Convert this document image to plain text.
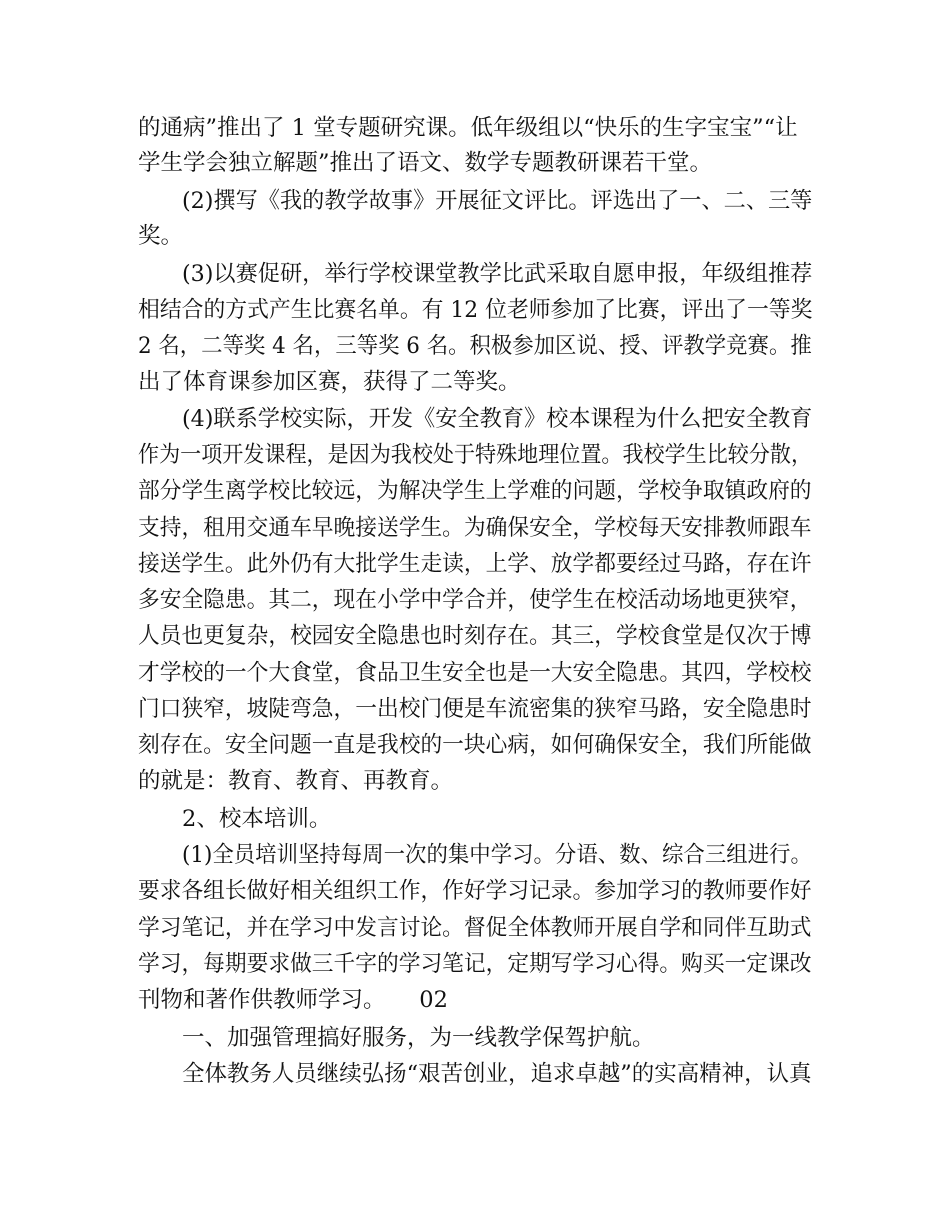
的通病”推出了 1 堂专题研究课。低年级组以“快乐的生字宝宝”“让

学生学会独立解题”推出了语文、数学专题教研课若干堂。

(2)撰写《我的教学故事》开展征文评比。评选出了一、二、三等

奖。

(3)以赛促研，举行学校课堂教学比武采取自愿申报，年级组推荐

相结合的方式产生比赛名单。有 12 位老师参加了比赛，评出了一等奖

2 名，二等奖 4 名，三等奖 6 名。积极参加区说、授、评教学竞赛。推

出了体育课参加区赛，获得了二等奖。

(4)联系学校实际，开发《安全教育》校本课程为什么把安全教育

作为一项开发课程，是因为我校处于特殊地理位置。我校学生比较分散，

部分学生离学校比较远，为解决学生上学难的问题，学校争取镇政府的

支持，租用交通车早晚接送学生。为确保安全，学校每天安排教师跟车

接送学生。此外仍有大批学生走读，上学、放学都要经过马路，存在许

多安全隐患。其二，现在小学中学合并，使学生在校活动场地更狭窄，

人员也更复杂，校园安全隐患也时刻存在。其三，学校食堂是仅次于博

才学校的一个大食堂，食品卫生安全也是一大安全隐患。其四，学校校

门口狭窄，坡陡弯急，一出校门便是车流密集的狭窄马路，安全隐患时

刻存在。安全问题一直是我校的一块心病，如何确保安全，我们所能做

的就是：教育、教育、再教育。

2、校本培训。

(1)全员培训坚持每周一次的集中学习。分语、数、综合三组进行。

要求各组长做好相关组织工作，作好学习记录。参加学习的教师要作好

学习笔记，并在学习中发言讨论。督促全体教师开展自学和同伴互助式

学习，每期要求做三千字的学习笔记，定期写学习心得。购买一定课改

刊物和著作供教师学习。　　02

一、加强管理搞好服务，为一线教学保驾护航。

全体教务人员继续弘扬“艰苦创业，追求卓越”的实高精神，认真
